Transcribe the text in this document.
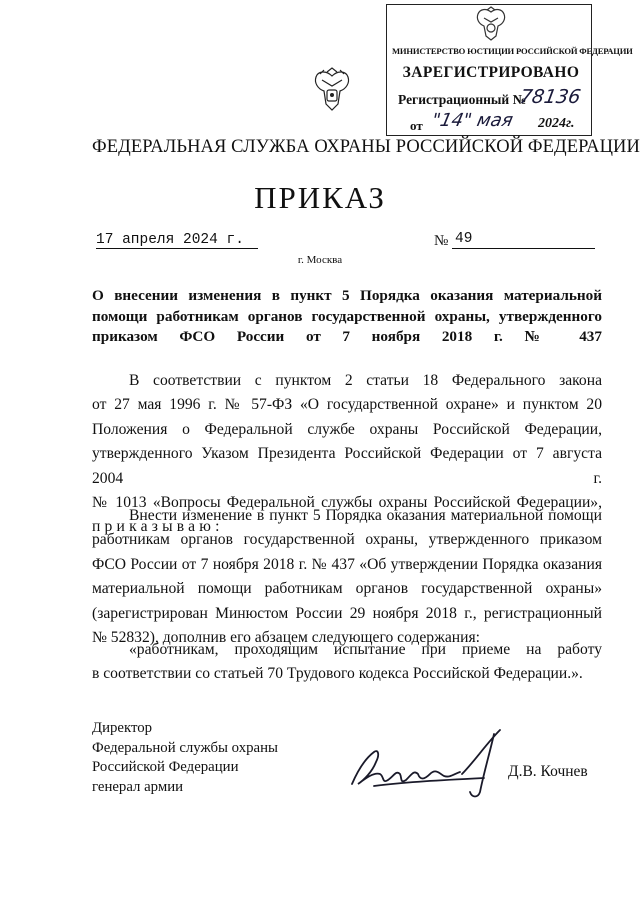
МИНИСТЕРСТВО ЮСТИЦИИ РОССИЙСКОЙ ФЕДЕРАЦИИ
ЗАРЕГИСТРИРОВАНО
Регистрационный №
78136
от "14" мая 2024г.
ФЕДЕРАЛЬНАЯ СЛУЖБА ОХРАНЫ РОССИЙСКОЙ ФЕДЕРАЦИИ
ПРИКАЗ
17 апреля 2024 г.	№ 49
г. Москва
О внесении изменения в пункт 5 Порядка оказания материальной помощи работникам органов государственной охраны, утвержденного приказом ФСО России от 7 ноября 2018 г. № 437
В соответствии с пунктом 2 статьи 18 Федерального закона
от 27 мая 1996 г. № 57-ФЗ «О государственной охране» и пунктом 20
Положения о Федеральной службе охраны Российской Федерации,
утвержденного Указом Президента Российской Федерации от 7 августа 2004 г.
№ 1013 «Вопросы Федеральной службы охраны Российской Федерации»,
приказываю:
Внести изменение в пункт 5 Порядка оказания материальной помощи
работникам органов государственной охраны, утвержденного приказом
ФСО России от 7 ноября 2018 г. № 437 «Об утверждении Порядка оказания
материальной помощи работникам органов государственной охраны»
(зарегистрирован Минюстом России 29 ноября 2018 г., регистрационный
№ 52832), дополнив его абзацем следующего содержания:
«работникам, проходящим испытание при приеме на работу
в соответствии со статьей 70 Трудового кодекса Российской Федерации.».
Директор
Федеральной службы охраны
Российской Федерации
генерал армии
Д.В. Кочнев
